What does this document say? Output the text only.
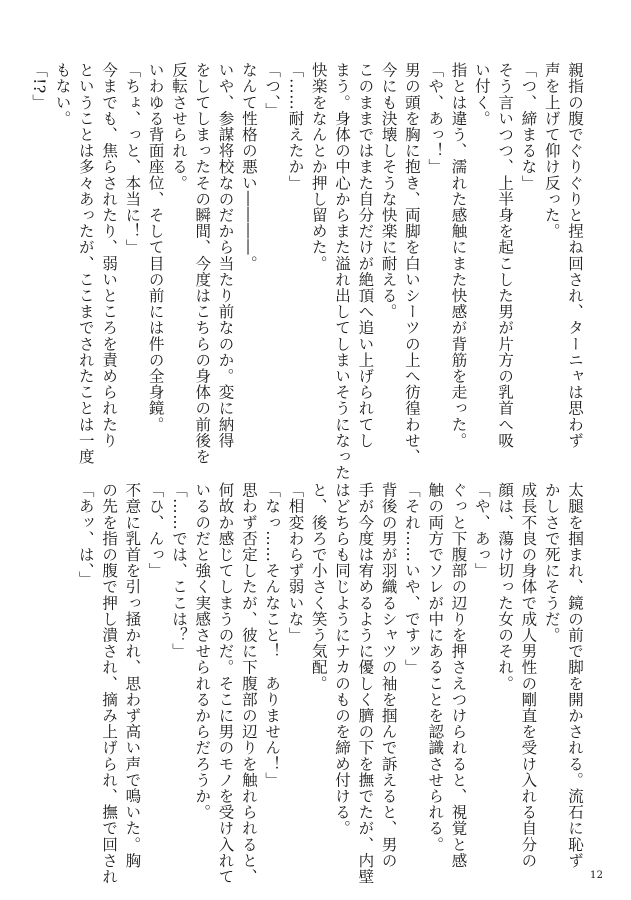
親指の腹でぐりぐりと捏ね回され、ターニャは思わず
声を上げて仰け反った。
「つ、締まるな」
そう言いつつ、上半身を起こした男が片方の乳首へ吸
い付く。
指とは違う、濡れた感触にまた快感が背筋を走った。
「や、あっ！」
男の頭を胸に抱き、両脚を白いシーツの上へ彷徨わせ、
今にも決壊しそうな快楽に耐える。
このままではまた自分だけが絶頂へ追い上げられてし
まう。身体の中心からまた溢れ出してしまいそうになった
快楽をなんとか押し留めた。
「……耐えたか」
「つ、」
なんて性格の悪い――――。
いや、参謀将校なのだから当たり前なのか。変に納得
をしてしまったその瞬間、今度はこちらの身体の前後を
反転させられる。
いわゆる背面座位、そして目の前には件の全身鏡。
「ちょ、っと、本当に！」
今までも、焦らされたり、弱いところを責められたり
ということは多々あったが、ここまでされたことは一度
もない。
「!?」
太腿を掴まれ、鏡の前で脚を開かされる。流石に恥ず
かしさで死にそうだ。
成長不良の身体で成人男性の剛直を受け入れる自分の
顔は、蕩け切った女のそれ。
「や、あっ」
ぐっと下腹部の辺りを押さえつけられると、視覚と感
触の両方でソレが中にあることを認識させられる。
「それ……いや、ですッ」
背後の男が羽織るシャツの袖を掴んで訴えると、男の
手が今度は宥めるように優しく臍の下を撫でたが、内壁
はどちらも同じようにナカのものを締め付ける。
と、後ろで小さく笑う気配。
「相変わらず弱いな」
「なっ……そんなこと！　ありません！」
思わず否定したが、彼に下腹部の辺りを触れられると、
何故か感じてしまうのだ。そこに男のモノを受け入れて
いるのだと強く実感させられるからだろうか。
「……では、ここは？」
「ひ、んっ」
不意に乳首を引っ掻かれ、思わず高い声で鳴いた。胸
の先を指の腹で押し潰され、摘み上げられ、撫で回され
「あッ、は、」
12
